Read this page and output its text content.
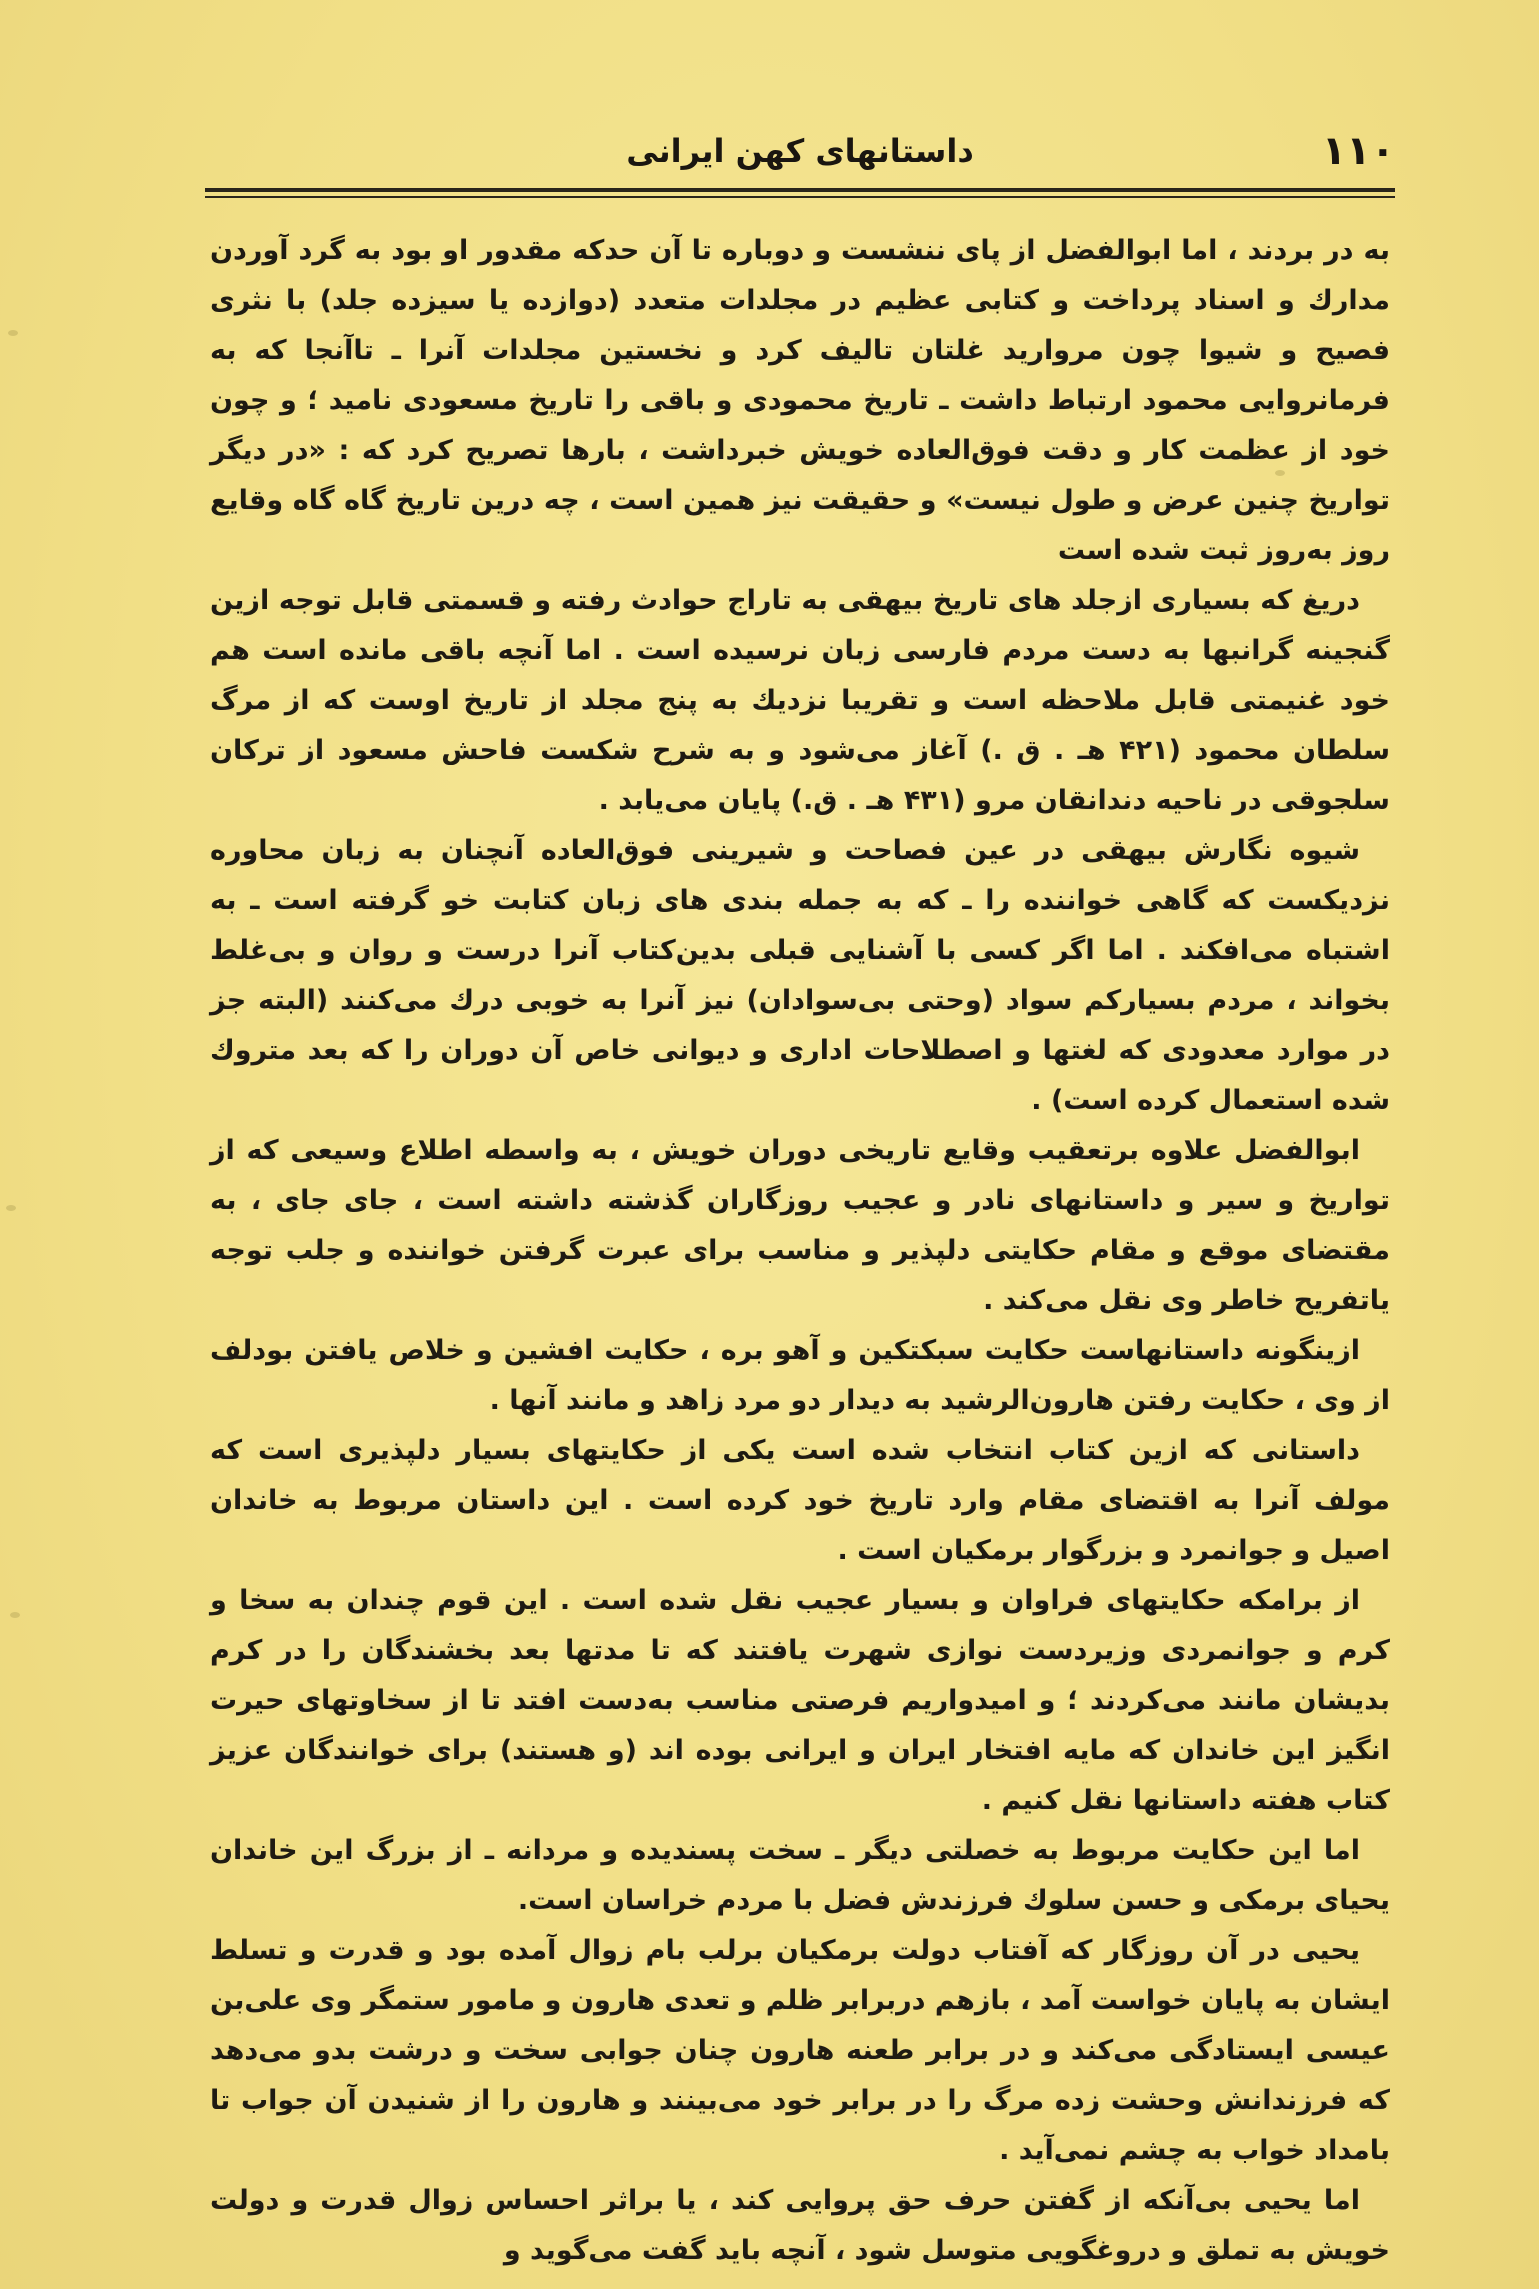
۱۱۰
داستانهای کهن ایرانی

به در بردند ، اما ابوالفضل از پای ننشست و دوباره تا آن حدکه مقدور او بود به گرد آوردن مدارك و اسناد پرداخت و کتابی عظیم در مجلدات متعدد (دوازده یا سیزده جلد) با نثری فصیح و شیوا چون مروارید غلتان تالیف کرد و نخستین مجلدات آنرا ـ تاآنجا که به فرمانروایی محمود ارتباط داشت ـ تاریخ محمودی و باقی را تاریخ مسعودی نامید ؛ و چون خود از عظمت کار و دقت فوق‌العاده خویش خبرداشت ، بارها تصریح کرد که : «در دیگر تواریخ چنین عرض و طول نیست» و حقیقت نیز همین است ، چه درین تاریخ گاه گاه وقایع روز به‌روز ثبت شده است

دریغ که بسیاری ازجلد های تاریخ بیهقی به تاراج حوادث رفته و قسمتی قابل توجه ازین گنجینه گرانبها به دست مردم فارسی زبان نرسیده است . اما آنچه باقی مانده است هم خود غنیمتی قابل ملاحظه است و تقریبا نزدیك به پنج مجلد از تاریخ اوست که از مرگ سلطان محمود (۴۲۱ هـ . ق .) آغاز می‌شود و به شرح شکست فاحش مسعود از ترکان سلجوقی در ناحیه دندانقان مرو (۴۳۱ هـ . ق.) پایان می‌یابد .

شیوه نگارش بیهقی در عین فصاحت و شیرینی فوق‌العاده آنچنان به زبان محاوره نزدیکست که گاهی خواننده را ـ که به جمله بندی های زبان کتابت خو گرفته است ـ به اشتباه می‌افکند . اما اگر کسی با آشنایی قبلی بدین‌کتاب آنرا درست و روان و بی‌غلط بخواند ، مردم بسیارکم سواد (وحتی بی‌سوادان) نیز آنرا به خوبی درك می‌کنند (البته جز در موارد معدودی که لغتها و اصطلاحات اداری و دیوانی خاص آن دوران را که بعد متروك شده استعمال کرده است) .

ابوالفضل علاوه برتعقیب وقایع تاریخی دوران خویش ، به واسطه اطلاع وسیعی که از تواریخ و سیر و داستانهای نادر و عجیب روزگاران گذشته داشته است ، جای جای ، به مقتضای موقع و مقام حکایتی دلپذیر و مناسب برای عبرت گرفتن خواننده و جلب توجه یاتفریح خاطر وی نقل می‌کند .

ازینگونه داستانهاست حکایت سبکتکین و آهو بره ، حکایت افشین و خلاص یافتن بودلف از وی ، حکایت رفتن هارون‌الرشید به دیدار دو مرد زاهد و مانند آنها .

داستانی که ازین کتاب انتخاب شده است یکی از حکایتهای بسیار دلپذیری است که مولف آنرا به اقتضای مقام وارد تاریخ خود کرده است . این داستان مربوط به خاندان اصیل و جوانمرد و بزرگوار برمکیان است .

از برامکه حکایتهای فراوان و بسیار عجیب نقل شده است . این قوم چندان به سخا و کرم و جوانمردی وزیردست نوازی شهرت یافتند که تا مدتها بعد بخشندگان را در کرم بدیشان مانند می‌کردند ؛ و امیدواریم فرصتی مناسب به‌دست افتد تا از سخاوتهای حیرت انگیز این خاندان که مایه افتخار ایران و ایرانی بوده اند (و هستند) برای خوانندگان عزیز کتاب هفته داستانها نقل کنیم .

اما این حکایت مربوط به خصلتی دیگر ـ سخت پسندیده و مردانه ـ از بزرگ این خاندان یحیای برمکی و حسن سلوك فرزندش فضل با مردم خراسان است.

یحیی در آن روزگار که آفتاب دولت برمکیان برلب بام زوال آمده بود و قدرت و تسلط ایشان به پایان خواست آمد ، بازهم دربرابر ظلم و تعدی هارون و مامور ستمگر وی علی‌بن عیسی ایستادگی می‌کند و در برابر طعنه هارون چنان جوابی سخت و درشت بدو می‌دهد که فرزندانش وحشت زده مرگ را در برابر خود می‌بینند و هارون را از شنیدن آن جواب تا بامداد خواب به چشم نمی‌آید .

اما یحیی بی‌آنکه از گفتن حرف حق پروایی کند ، یا براثر احساس زوال قدرت و دولت خویش به تملق و دروغگویی متوسل شود ، آنچه باید گفت می‌گوید و
